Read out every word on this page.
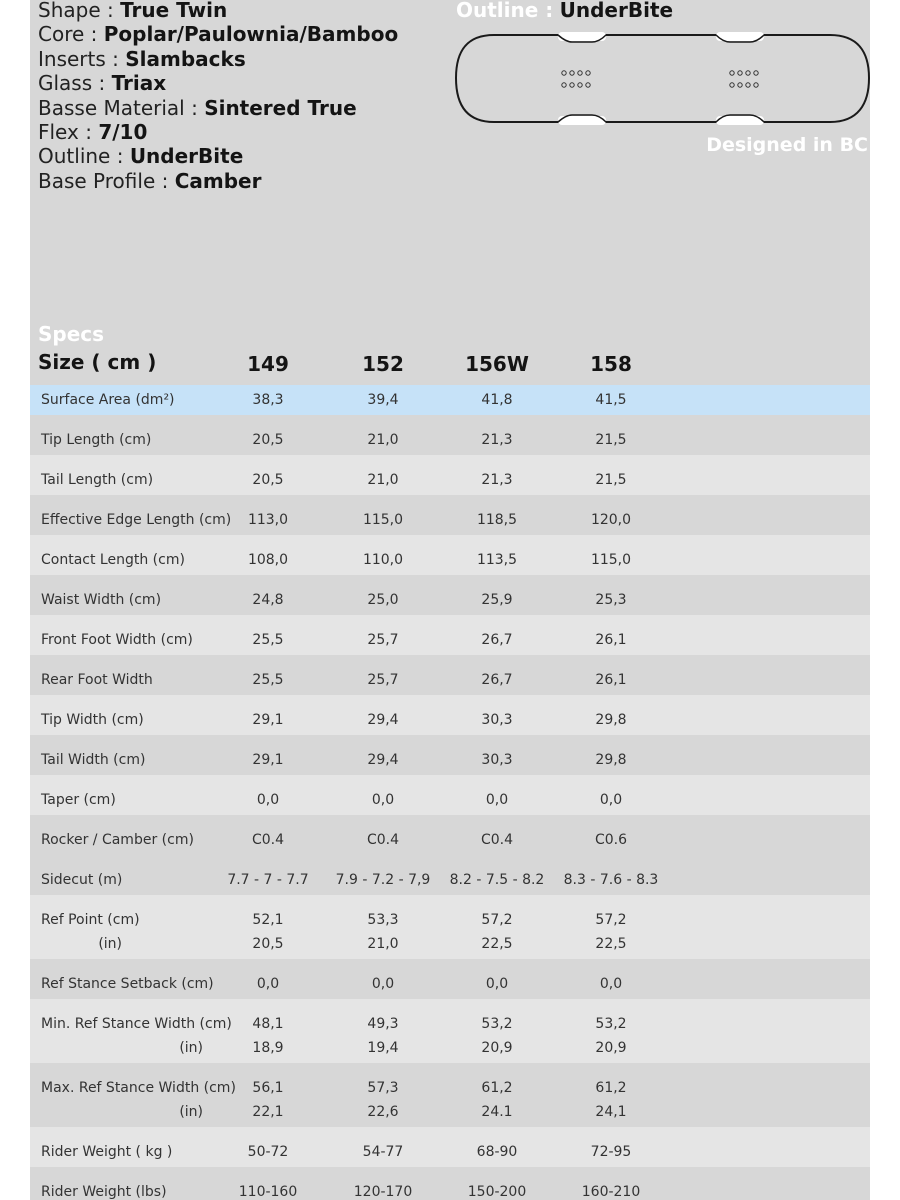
Shape : True Twin
Core : Poplar/Paulownia/Bamboo
Inserts : Slambacks
Glass : Triax
Basse Material : Sintered True
Flex : 7/10
Outline : UnderBite
Base Profile : Camber
Outline : UnderBite
Designed in BC
Specs
Size ( cm )	149	152	156W	158
Surface Area (dm²)	38,3	39,4	41,8	41,5
Tip Length (cm)	20,5	21,0	21,3	21,5
Tail Length (cm)	20,5	21,0	21,3	21,5
Effective Edge Length (cm)	113,0	115,0	118,5	120,0
Contact Length (cm)	108,0	110,0	113,5	115,0
Waist Width (cm)	24,8	25,0	25,9	25,3
Front Foot Width (cm)	25,5	25,7	26,7	26,1
Rear Foot Width	25,5	25,7	26,7	26,1
Tip Width (cm)	29,1	29,4	30,3	29,8
Tail Width (cm)	29,1	29,4	30,3	29,8
Taper (cm)	0,0	0,0	0,0	0,0
Rocker / Camber (cm)	C0.4	C0.4	C0.4	C0.6
Sidecut (m)	7.7 - 7 - 7.7	7.9 - 7.2 - 7,9	8.2 - 7.5 - 8.2	8.3 - 7.6 - 8.3
Ref Point (cm)	52,1	53,3	57,2	57,2
(in)	20,5	21,0	22,5	22,5
Ref Stance Setback (cm)	0,0	0,0	0,0	0,0
Min. Ref Stance Width (cm)	48,1	49,3	53,2	53,2
(in)	18,9	19,4	20,9	20,9
Max. Ref Stance Width (cm)	56,1	57,3	61,2	61,2
(in)	22,1	22,6	24.1	24,1
Rider Weight ( kg )	50-72	54-77	68-90	72-95
Rider Weight (lbs)	110-160	120-170	150-200	160-210
